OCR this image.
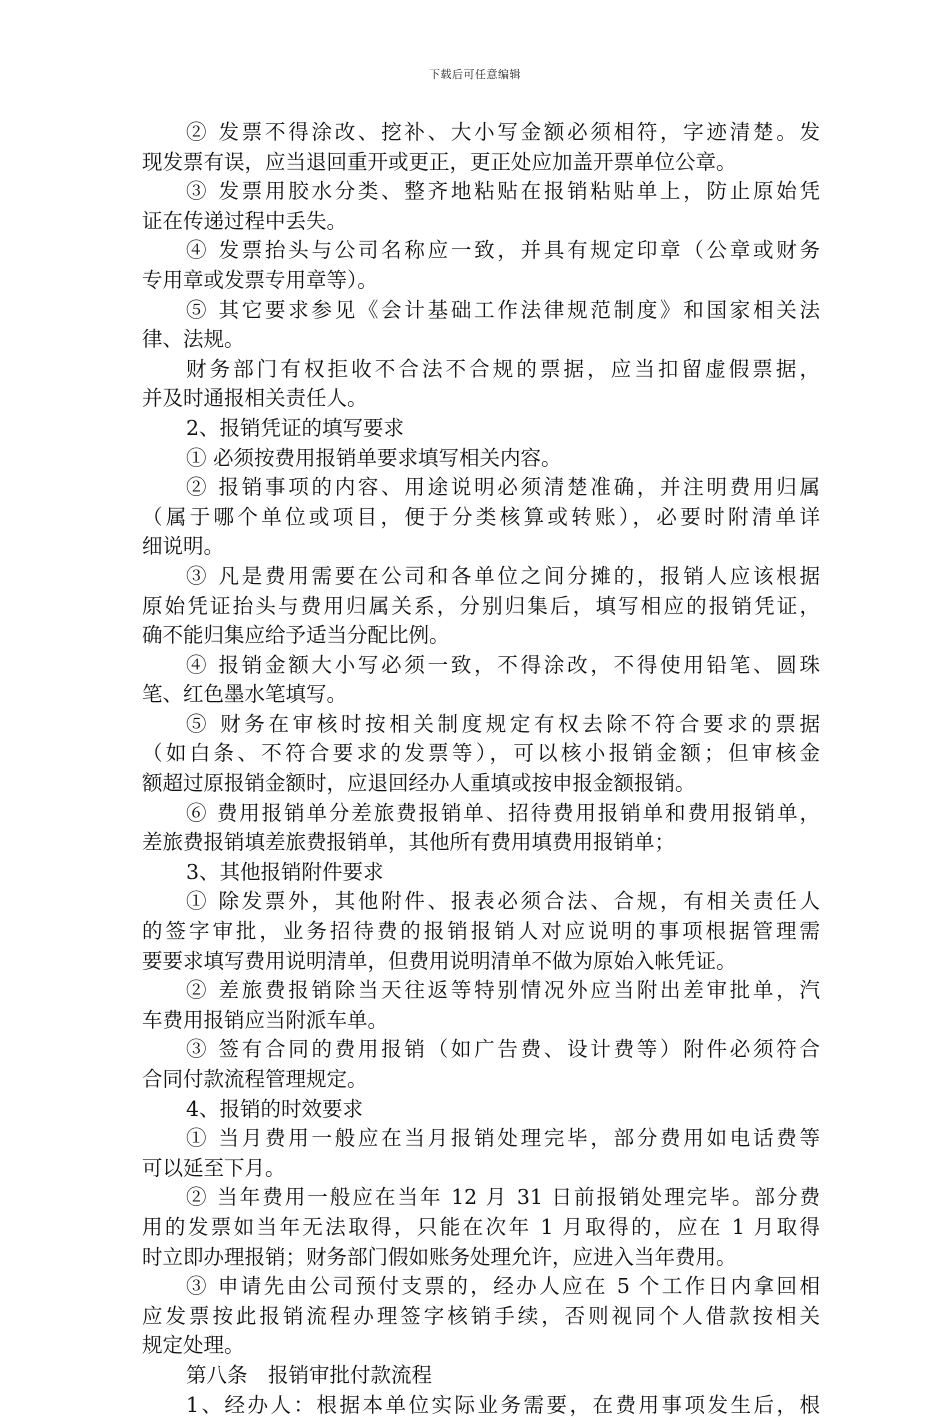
下载后可任意编辑
② 发票不得涂改、挖补、大小写金额必须相符，字迹清楚。发
现发票有误，应当退回重开或更正，更正处应加盖开票单位公章。
③ 发票用胶水分类、整齐地粘贴在报销粘贴单上，防止原始凭
证在传递过程中丢失。
④ 发票抬头与公司名称应一致，并具有规定印章（公章或财务
专用章或发票专用章等）。
⑤ 其它要求参见《会计基础工作法律规范制度》和国家相关法
律、法规。
财务部门有权拒收不合法不合规的票据，应当扣留虚假票据，
并及时通报相关责任人。
2、报销凭证的填写要求
① 必须按费用报销单要求填写相关内容。
② 报销事项的内容、用途说明必须清楚准确，并注明费用归属
（属于哪个单位或项目，便于分类核算或转账），必要时附清单详
细说明。
③ 凡是费用需要在公司和各单位之间分摊的，报销人应该根据
原始凭证抬头与费用归属关系，分别归集后，填写相应的报销凭证，
确不能归集应给予适当分配比例。
④ 报销金额大小写必须一致，不得涂改，不得使用铅笔、圆珠
笔、红色墨水笔填写。
⑤ 财务在审核时按相关制度规定有权去除不符合要求的票据
（如白条、不符合要求的发票等），可以核小报销金额；但审核金
额超过原报销金额时，应退回经办人重填或按申报金额报销。
⑥ 费用报销单分差旅费报销单、招待费用报销单和费用报销单，
差旅费报销填差旅费报销单，其他所有费用填费用报销单；
3、其他报销附件要求
① 除发票外，其他附件、报表必须合法、合规，有相关责任人
的签字审批，业务招待费的报销报销人对应说明的事项根据管理需
要要求填写费用说明清单，但费用说明清单不做为原始入帐凭证。
② 差旅费报销除当天往返等特别情况外应当附出差审批单，汽
车费用报销应当附派车单。
③ 签有合同的费用报销（如广告费、设计费等）附件必须符合
合同付款流程管理规定。
4、报销的时效要求
① 当月费用一般应在当月报销处理完毕，部分费用如电话费等
可以延至下月。
② 当年费用一般应在当年 12 月 31 日前报销处理完毕。部分费
用的发票如当年无法取得，只能在次年 1 月取得的，应在 1 月取得
时立即办理报销；财务部门假如账务处理允许，应进入当年费用。
③ 申请先由公司预付支票的，经办人应在 5 个工作日内拿回相
应发票按此报销流程办理签字核销手续，否则视同个人借款按相关
规定处理。
第八条　报销审批付款流程
1、经办人：根据本单位实际业务需要，在费用事项发生后，根
